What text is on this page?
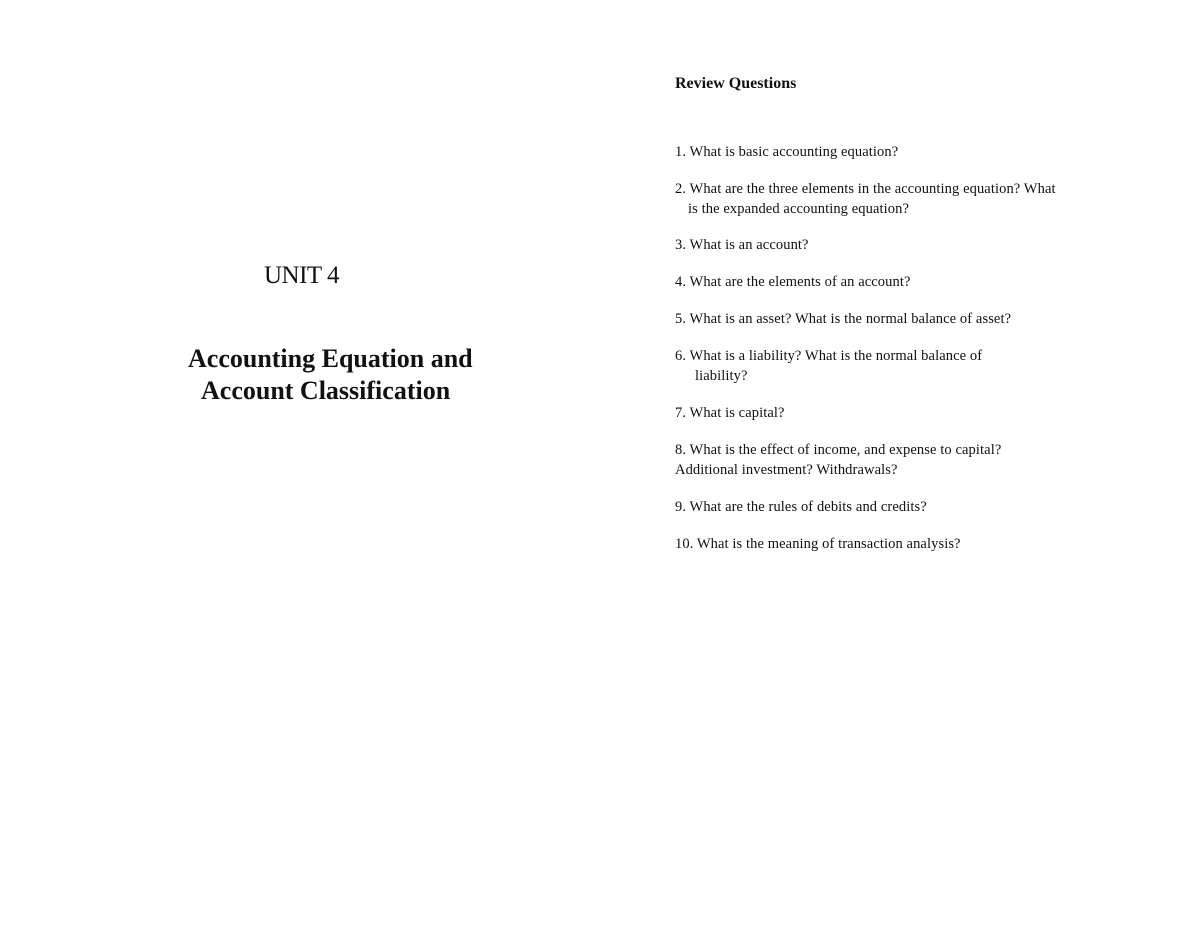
UNIT 4
Accounting Equation and
Account Classification
Review Questions
1. What is basic accounting equation?
2. What are the three elements in the accounting equation? What
is the expanded accounting equation?
3. What is an account?
4. What are the elements of an account?
5. What is an asset? What is the normal balance of asset?
6. What is a liability? What is the normal balance of
liability?
7. What is capital?
8. What is the effect of income, and expense to capital?
Additional investment? Withdrawals?
9. What are the rules of debits and credits?
10. What is the meaning of transaction analysis?
